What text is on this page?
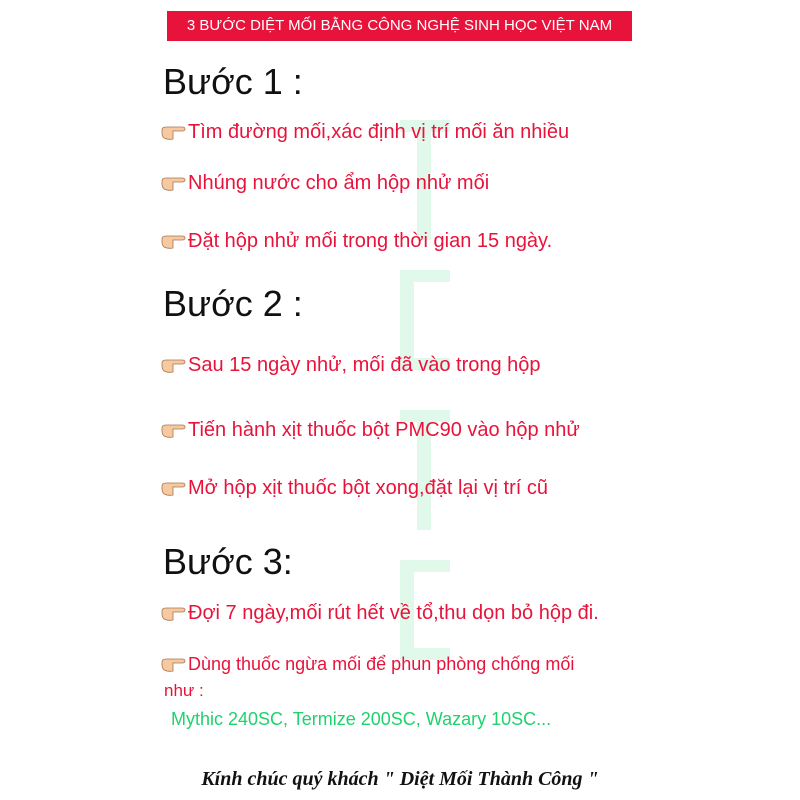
3 BƯỚC DIỆT MỐI BẰNG CÔNG NGHỆ SINH HỌC VIỆT NAM
Bước 1 :
Tìm đường mối,xác định vị trí mối ăn nhiều
Nhúng nước cho ẩm hộp nhử mối
Đặt hộp nhử mối trong thời gian 15 ngày.
Bước 2 :
Sau 15 ngày nhử, mối đã vào trong hộp
Tiến hành xịt thuốc bột PMC90 vào hộp nhử
Mở hộp xịt thuốc bột xong,đặt lại vị trí cũ
Bước 3:
Đợi 7 ngày,mối rút hết về tổ,thu dọn bỏ hộp đi.
Dùng thuốc ngừa mối để phun phòng chống mối
như :
Mythic 240SC, Termize 200SC, Wazary 10SC...
Kính chúc quý khách " Diệt Mối Thành Công "
